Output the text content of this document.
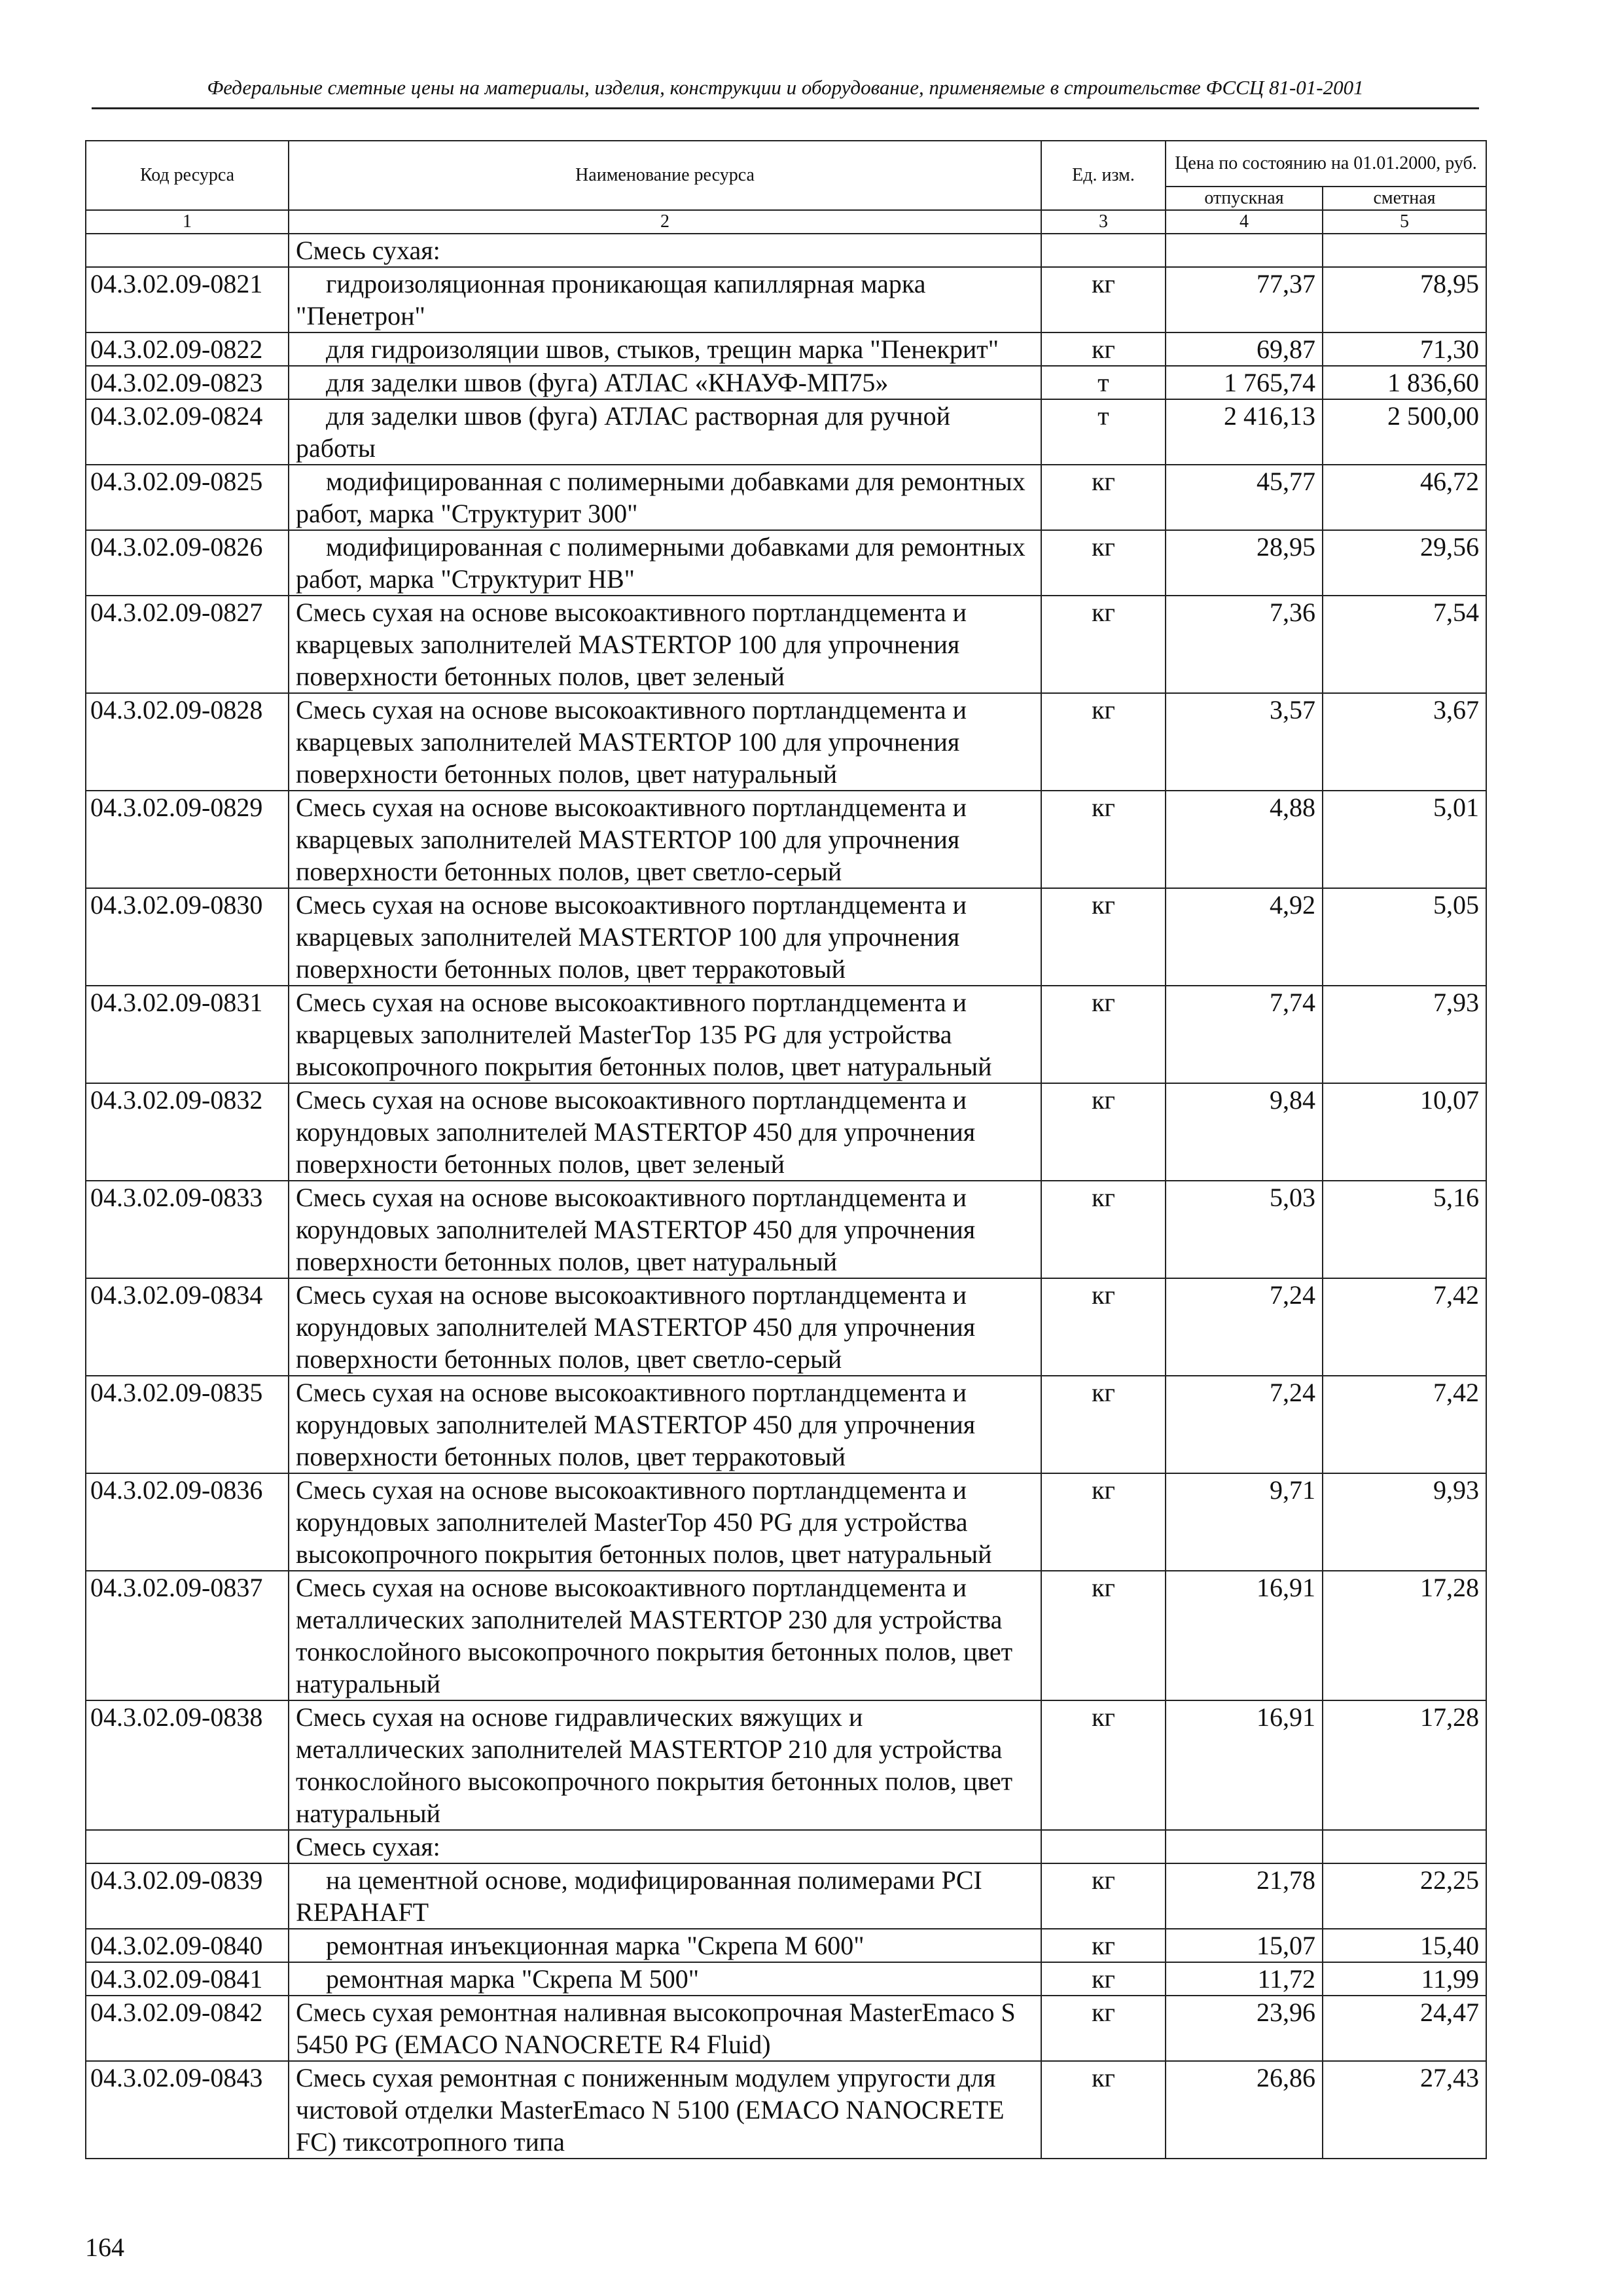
Федеральные сметные цены на материалы, изделия, конструкции и оборудование, применяемые в строительстве ФССЦ 81-01-2001
Код ресурса	Наименование ресурса	Ед. изм.	Цена по состоянию на 01.01.2000, руб.	
			отпускная	сметная
1	2	3	4	5
	Смесь сухая:			
04.3.02.09-0821	гидроизоляционная проникающая капиллярная марка "Пенетрон"	кг	77,37	78,95
04.3.02.09-0822	для гидроизоляции швов, стыков, трещин марка "Пенекрит"	кг	69,87	71,30
04.3.02.09-0823	для заделки швов (фуга) АТЛАС «КНАУФ-МП75»	т	1 765,74	1 836,60
04.3.02.09-0824	для заделки швов (фуга) АТЛАС растворная для ручной работы	т	2 416,13	2 500,00
04.3.02.09-0825	модифицированная с полимерными добавками для ремонтных работ, марка "Структурит 300"	кг	45,77	46,72
04.3.02.09-0826	модифицированная с полимерными добавками для ремонтных работ, марка "Структурит НВ"	кг	28,95	29,56
04.3.02.09-0827	Смесь сухая на основе высокоактивного портландцемента и кварцевых заполнителей MASTERTOP 100 для упрочнения поверхности бетонных полов, цвет зеленый	кг	7,36	7,54
04.3.02.09-0828	Смесь сухая на основе высокоактивного портландцемента и кварцевых заполнителей MASTERTOP 100 для упрочнения поверхности бетонных полов, цвет натуральный	кг	3,57	3,67
04.3.02.09-0829	Смесь сухая на основе высокоактивного портландцемента и кварцевых заполнителей MASTERTOP 100 для упрочнения поверхности бетонных полов, цвет светло-серый	кг	4,88	5,01
04.3.02.09-0830	Смесь сухая на основе высокоактивного портландцемента и кварцевых заполнителей MASTERTOP 100 для упрочнения поверхности бетонных полов, цвет терракотовый	кг	4,92	5,05
04.3.02.09-0831	Смесь сухая на основе высокоактивного портландцемента и кварцевых заполнителей MasterTop 135 PG для устройства высокопрочного покрытия бетонных полов, цвет натуральный	кг	7,74	7,93
04.3.02.09-0832	Смесь сухая на основе высокоактивного портландцемента и корундовых заполнителей MASTERTOP 450 для упрочнения поверхности бетонных полов, цвет зеленый	кг	9,84	10,07
04.3.02.09-0833	Смесь сухая на основе высокоактивного портландцемента и корундовых заполнителей MASTERTOP 450 для упрочнения поверхности бетонных полов, цвет натуральный	кг	5,03	5,16
04.3.02.09-0834	Смесь сухая на основе высокоактивного портландцемента и корундовых заполнителей MASTERTOP 450 для упрочнения поверхности бетонных полов, цвет светло-серый	кг	7,24	7,42
04.3.02.09-0835	Смесь сухая на основе высокоактивного портландцемента и корундовых заполнителей MASTERTOP 450 для упрочнения поверхности бетонных полов, цвет терракотовый	кг	7,24	7,42
04.3.02.09-0836	Смесь сухая на основе высокоактивного портландцемента и корундовых заполнителей MasterTop 450 PG для устройства высокопрочного покрытия бетонных полов, цвет натуральный	кг	9,71	9,93
04.3.02.09-0837	Смесь сухая на основе высокоактивного портландцемента и металлических заполнителей MASTERTOP 230 для устройства тонкослойного высокопрочного покрытия бетонных полов, цвет натуральный	кг	16,91	17,28
04.3.02.09-0838	Смесь сухая на основе гидравлических вяжущих и металлических заполнителей MASTERTOP 210 для устройства тонкослойного высокопрочного покрытия бетонных полов, цвет натуральный	кг	16,91	17,28
	Смесь сухая:			
04.3.02.09-0839	на цементной основе, модифицированная полимерами PCI REPAHAFT	кг	21,78	22,25
04.3.02.09-0840	ремонтная инъекционная марка "Скрепа М 600"	кг	15,07	15,40
04.3.02.09-0841	ремонтная марка "Скрепа М 500"	кг	11,72	11,99
04.3.02.09-0842	Смесь сухая ремонтная наливная высокопрочная MasterEmaco S 5450 PG (EMACO NANOCRETE R4 Fluid)	кг	23,96	24,47
04.3.02.09-0843	Смесь сухая ремонтная с пониженным модулем упругости для чистовой отделки MasterEmaco N 5100 (EMACO NANOCRETE FC) тиксотропного типа	кг	26,86	27,43
164
